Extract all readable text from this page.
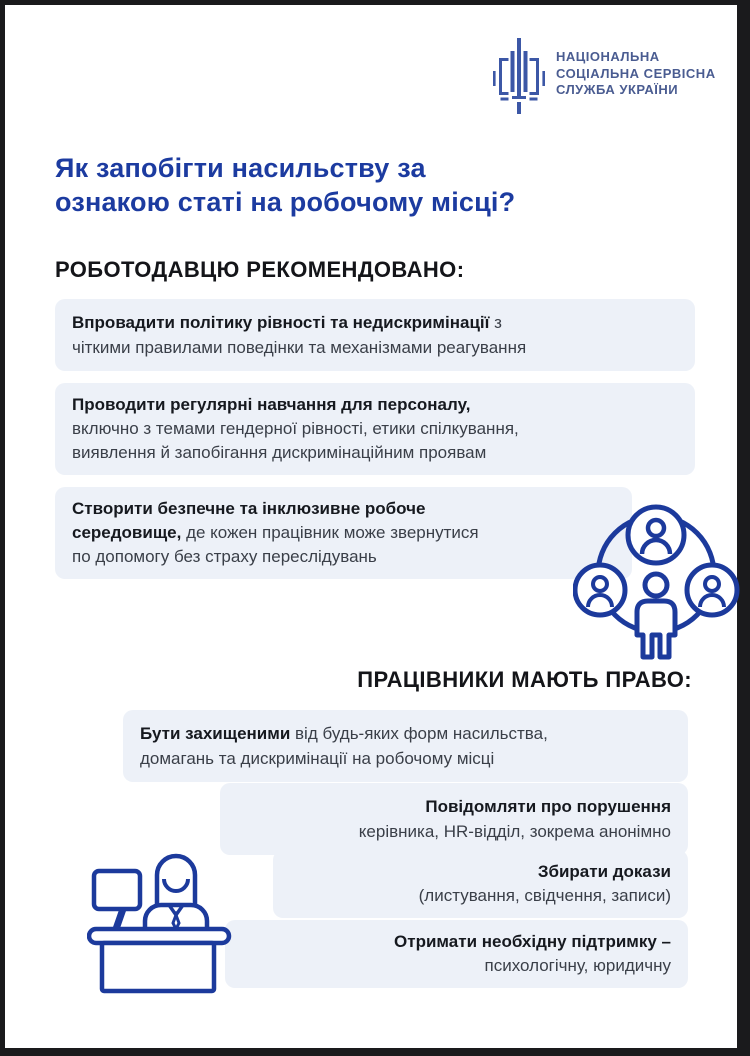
НАЦІОНАЛЬНА
СОЦІАЛЬНА СЕРВІСНА
СЛУЖБА УКРАЇНИ
Як запобігти насильству за
ознакою статі на робочому місці?
РОБОТОДАВЦЮ РЕКОМЕНДОВАНО:
Впровадити політику рівності та недискримінації з
чіткими правилами поведінки та механізмами реагування
Проводити регулярні навчання для персоналу,
включно з темами гендерної рівності, етики спілкування,
виявлення й запобігання дискримінаційним проявам
Створити безпечне та інклюзивне робоче
середовище, де кожен працівник може звернутися
по допомогу без страху переслідувань
ПРАЦІВНИКИ МАЮТЬ ПРАВО:
Бути захищеними від будь-яких форм насильства,
домагань та дискримінації на робочому місці
Повідомляти про порушення
керівника, HR-відділ, зокрема анонімно
Збирати докази
(листування, свідчення, записи)
Отримати необхідну підтримку –
психологічну, юридичну
